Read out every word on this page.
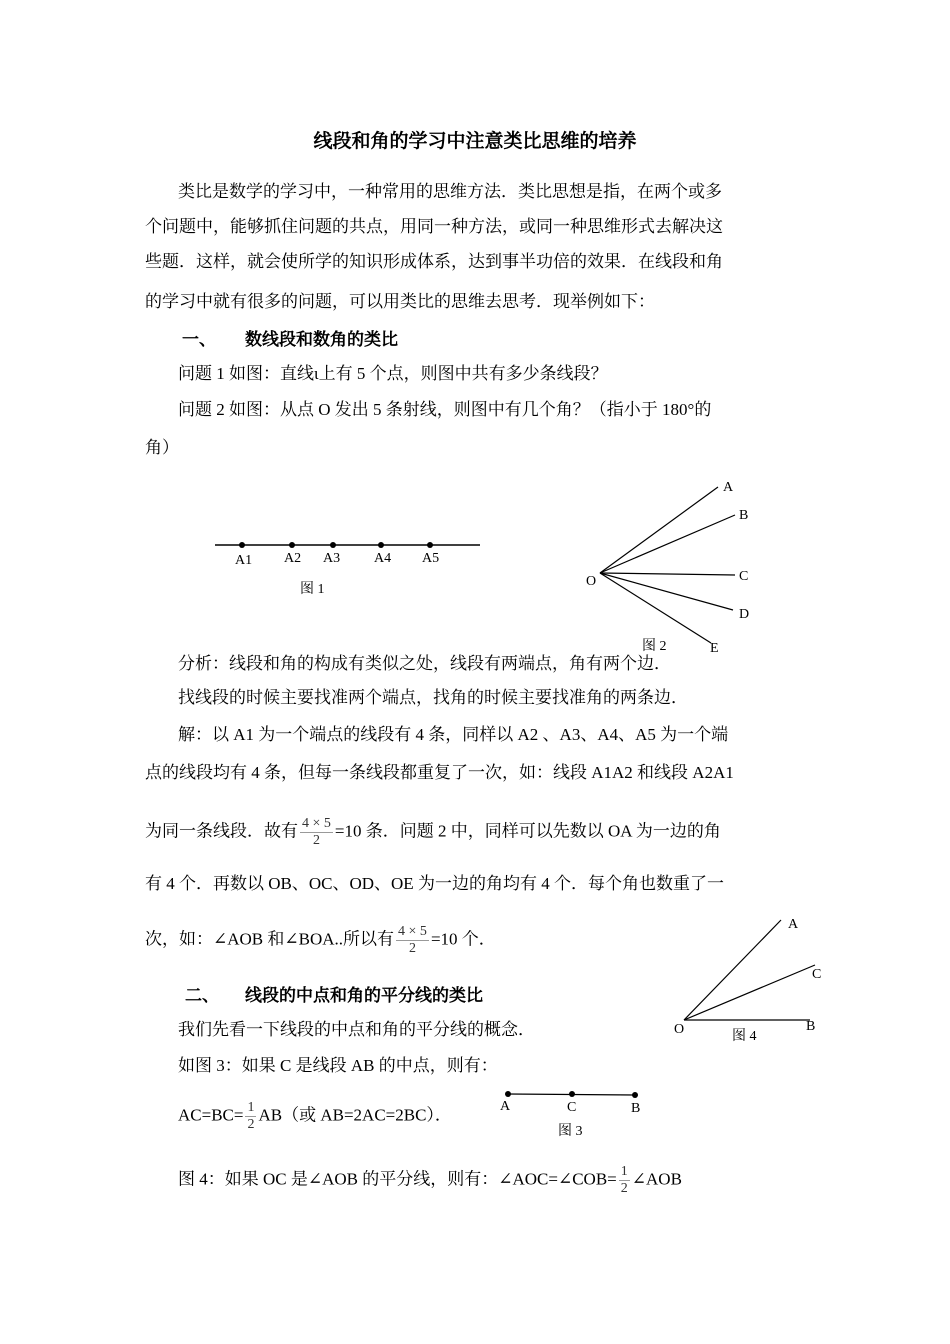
线段和角的学习中注意类比思维的培养
类比是数学的学习中，一种常用的思维方法．类比思想是指，在两个或多
个问题中，能够抓住问题的共点，用同一种方法，或同一种思维形式去解决这
些题．这样，就会使所学的知识形成体系，达到事半功倍的效果．在线段和角
的学习中就有很多的问题，可以用类比的思维去思考．现举例如下：
一、 数线段和数角的类比
问题 1 如图：直线ι上有 5 个点，则图中共有多少条线段？
问题 2 如图：从点 O 发出 5 条射线，则图中有几个角？（指小于 180°的
角）
A1 A2 A3 A4 A5
图 1
O
A
B
C
D
E
图 2
分析：线段和角的构成有类似之处，线段有两端点，角有两个边．
找线段的时候主要找准两个端点，找角的时候主要找准角的两条边．
解：以 A1 为一个端点的线段有 4 条，同样以 A2 、A3、A4、A5 为一个端
点的线段均有 4 条，但每一条线段都重复了一次，如：线段 A1A2 和线段 A2A1
为同一条线段．故有 $\frac{4 \times 5}{2} =10$ 条．问题 2 中，同样可以先数以 OA 为一边的角
有 4 个．再数以 OB、OC、OD、OE 为一边的角均有 4 个．每个角也数重了一
次，如：∠AOB 和∠BOA..所以有 $\frac{4 \times 5}{2} =10$ 个．
A
C
B
O	图 4
二、 线段的中点和角的平分线的类比
我们先看一下线段的中点和角的平分线的概念．
如图 3：如果 C 是线段 AB 的中点，则有：
$AC=BC= \frac{1}{2} AB$（或 AB=2AC=2BC）．	A	C	B
图 3
图 4：如果 OC 是∠AOB 的平分线，则有：∠AOC=∠COB= $\frac{1}{2}$ ∠AOB
